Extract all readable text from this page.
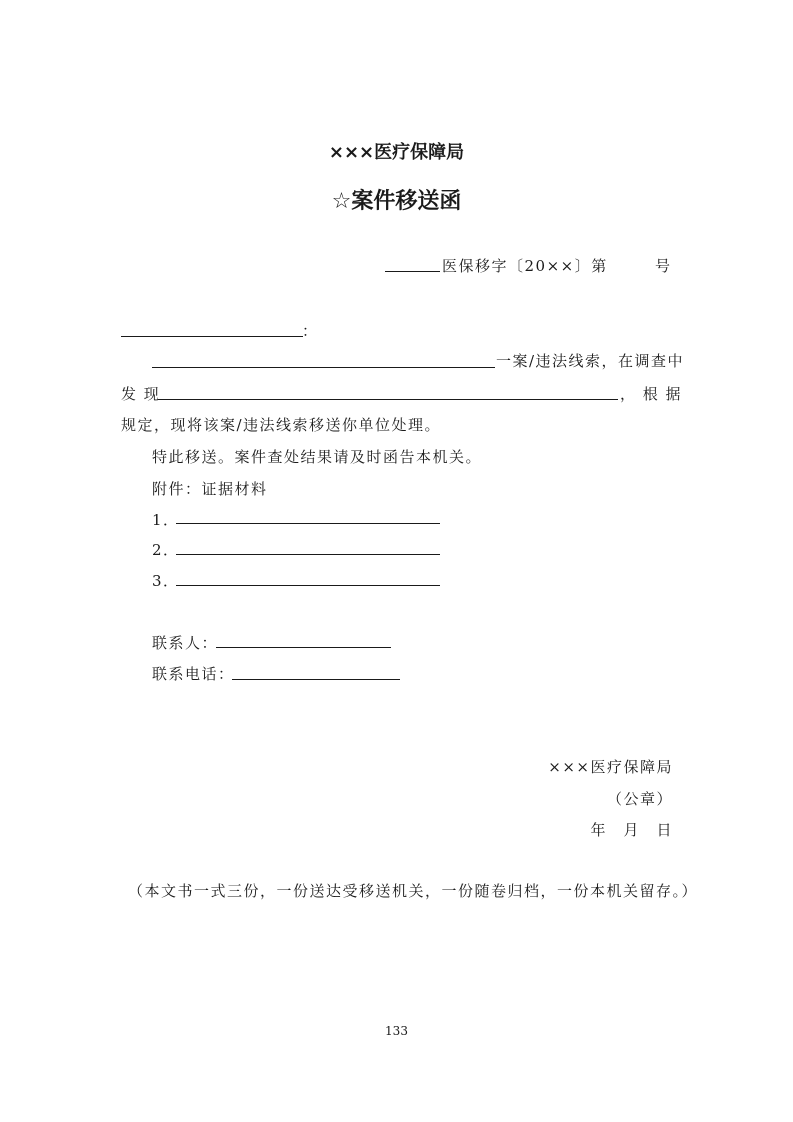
×××医疗保障局
☆案件移送函
医保移字〔20××〕第	号
：
一案/违法线索，在调查中
发 现	， 根 据
规定，现将该案/违法线索移送你单位处理。
特此移送。案件查处结果请及时函告本机关。
附件：证据材料
1．
2．
3．
联系人：
联系电话：
×××医疗保障局
（公章）
年　月　日
（本文书一式三份，一份送达受移送机关，一份随卷归档，一份本机关留存。）
133
